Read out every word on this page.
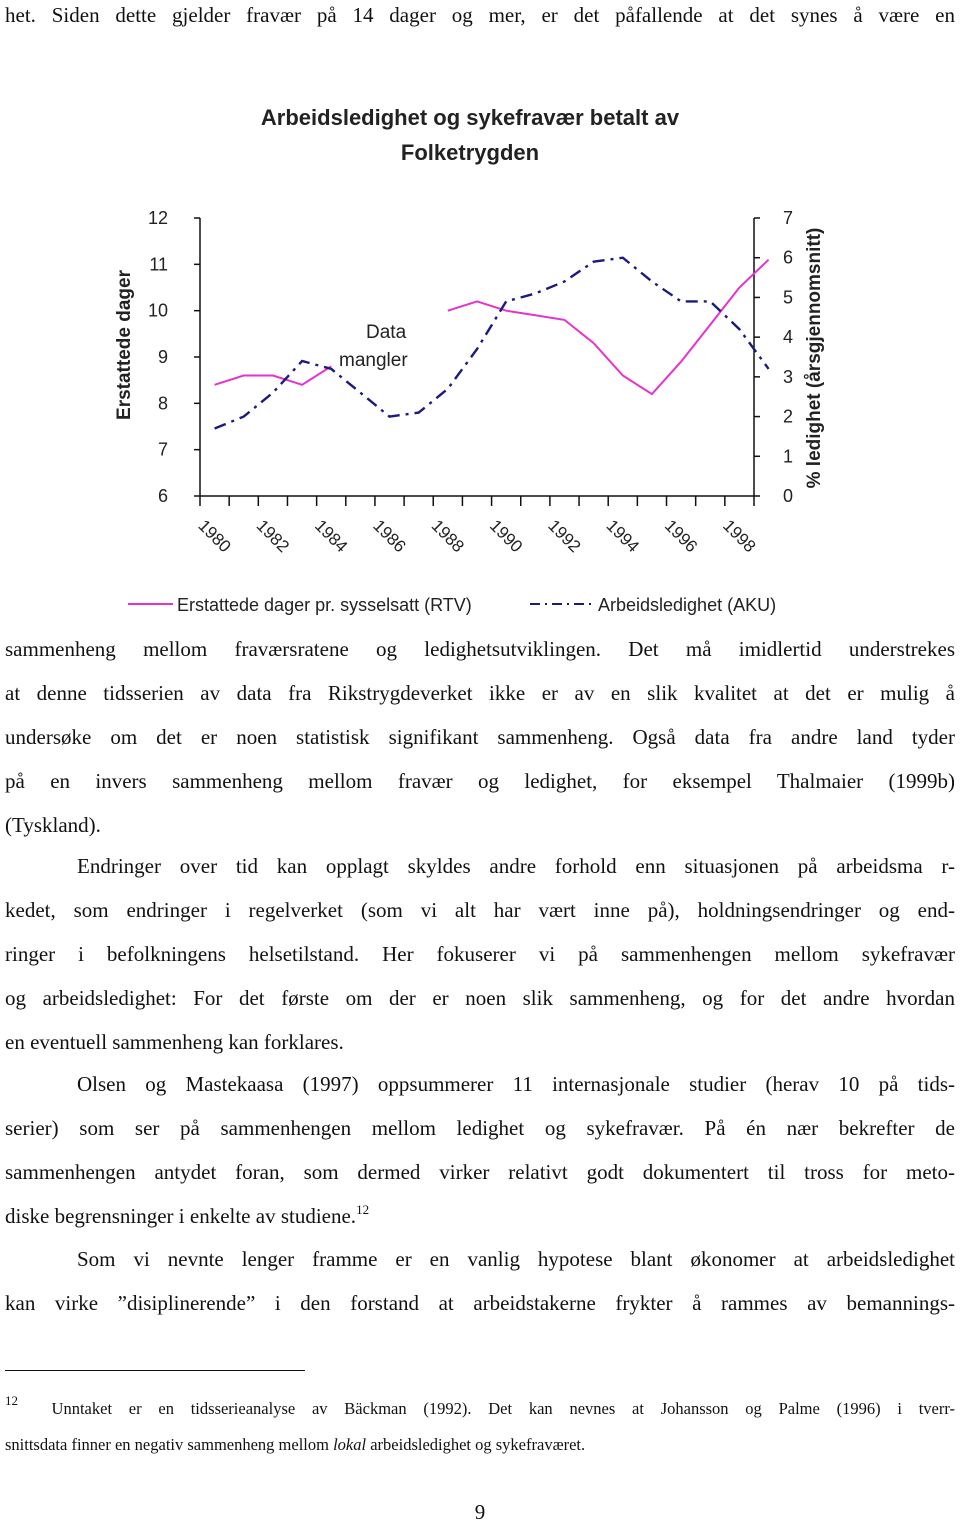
het. Siden dette gjelder fravær på 14 dager og mer, er det påfallende at det synes å være en
Arbeidsledighet og sykefravær betalt av
Folketrygden
Erstattede dager	% ledighet (årsgjennomsnitt)
Data
mangler
12
11
10
9
8
7
6
7
6
5
4
3
2
1
0
1980 1982 1984 1986 1988 1990 1992 1994 1996 1998
Erstattede dager pr. sysselsatt (RTV)	Arbeidsledighet (AKU)
sammenheng mellom fraværsratene og ledighetsutviklingen. Det må imidlertid understrekes
at denne tidsserien av data fra Rikstrygdeverket ikke er av en slik kvalitet at det er mulig å
undersøke om det er noen statistisk signifikant sammenheng. Også data fra andre land tyder
på en invers sammenheng mellom fravær og ledighet, for eksempel Thalmaier (1999b)
(Tyskland).
Endringer over tid kan opplagt skyldes andre forhold enn situasjonen på arbeidsma r-
kedet, som endringer i regelverket (som vi alt har vært inne på), holdningsendringer og end-
ringer i befolkningens helsetilstand. Her fokuserer vi på sammenhengen mellom sykefravær
og arbeidsledighet: For det første om der er noen slik sammenheng, og for det andre hvordan
en eventuell sammenheng kan forklares.
Olsen og Mastekaasa (1997) oppsummerer 11 internasjonale studier (herav 10 på tids-
serier) som ser på sammenhengen mellom ledighet og sykefravær. På én nær bekrefter de
sammenhengen antydet foran, som dermed virker relativt godt dokumentert til tross for meto-
diske begrensninger i enkelte av studiene.$^{12}$
Som vi nevnte lenger framme er en vanlig hypotese blant økonomer at arbeidsledighet
kan virke ”disiplinerende” i den forstand at arbeidstakerne frykter å rammes av bemannings-
$^{12}$ Unntaket er en tidsserieanalyse av Bäckman (1992). Det kan nevnes at Johansson og Palme (1996) i tverr-
snittsdata finner en negativ sammenheng mellom lokal arbeidsledighet og sykefraværet.
9
